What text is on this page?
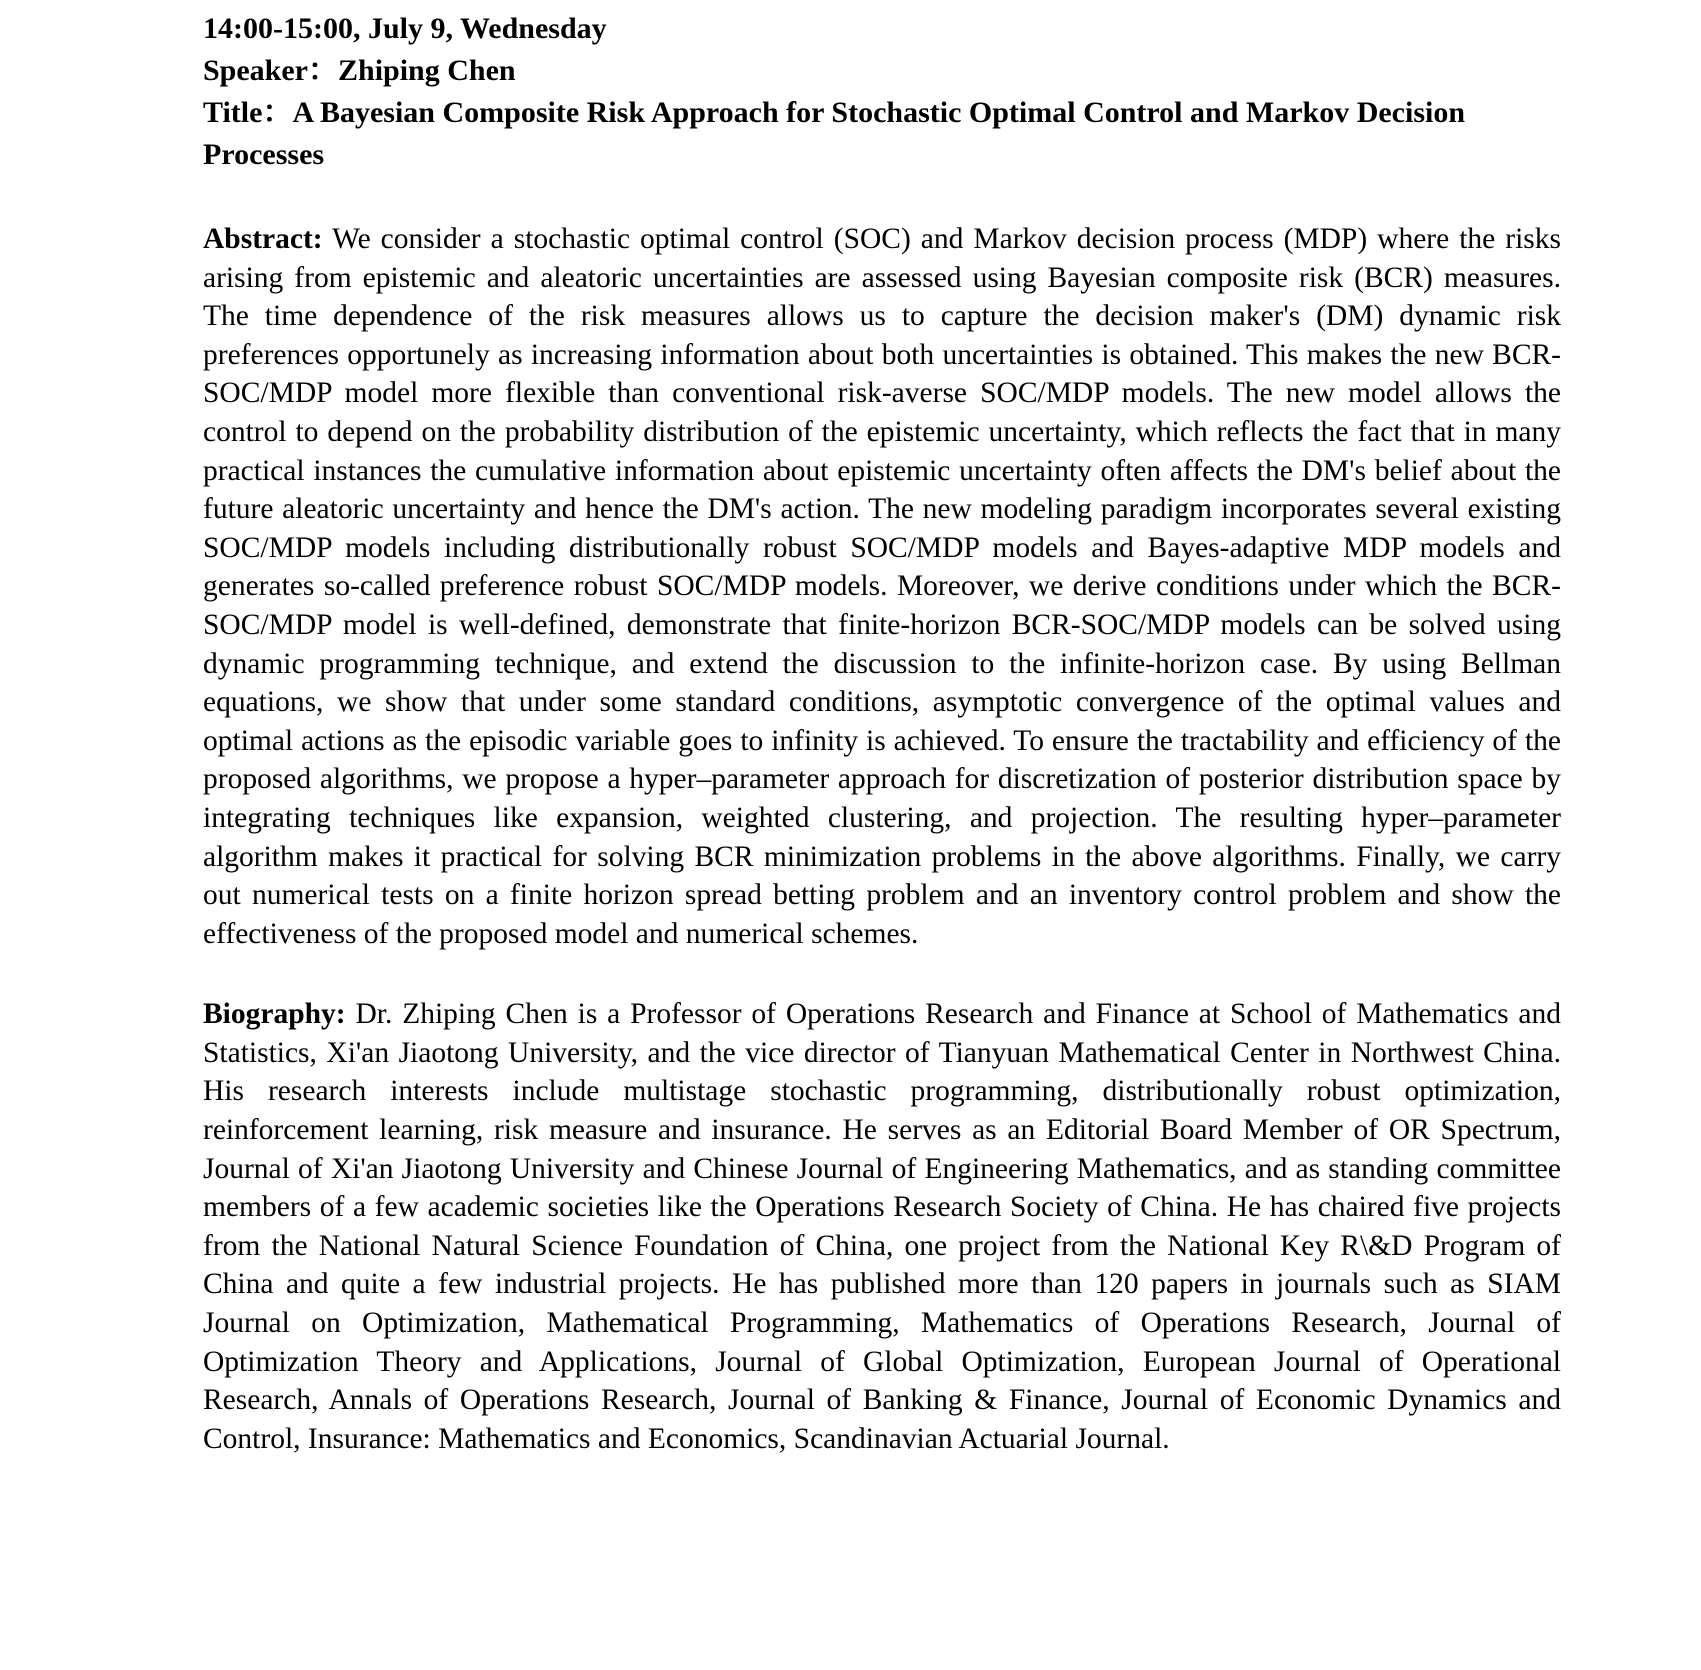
14:00-15:00, July 9, Wednesday

Speaker：Zhiping Chen

Title：A Bayesian Composite Risk Approach for Stochastic Optimal Control and Markov Decision Processes

Abstract: We consider a stochastic optimal control (SOC) and Markov decision process (MDP) where the risks arising from epistemic and aleatoric uncertainties are assessed using Bayesian composite risk (BCR) measures. The time dependence of the risk measures allows us to capture the decision maker's (DM) dynamic risk preferences opportunely as increasing information about both uncertainties is obtained. This makes the new BCR-SOC/MDP model more flexible than conventional risk-averse SOC/MDP models. The new model allows the control to depend on the probability distribution of the epistemic uncertainty, which reflects the fact that in many practical instances the cumulative information about epistemic uncertainty often affects the DM's belief about the future aleatoric uncertainty and hence the DM's action. The new modeling paradigm incorporates several existing SOC/MDP models including distributionally robust SOC/MDP models and Bayes-adaptive MDP models and generates so-called preference robust SOC/MDP models. Moreover, we derive conditions under which the BCR-SOC/MDP model is well-defined, demonstrate that finite-horizon BCR-SOC/MDP models can be solved using dynamic programming technique, and extend the discussion to the infinite-horizon case. By using Bellman equations, we show that under some standard conditions, asymptotic convergence of the optimal values and optimal actions as the episodic variable goes to infinity is achieved. To ensure the tractability and efficiency of the proposed algorithms, we propose a hyper–parameter approach for discretization of posterior distribution space by integrating techniques like expansion, weighted clustering, and projection. The resulting hyper–parameter algorithm makes it practical for solving BCR minimization problems in the above algorithms. Finally, we carry out numerical tests on a finite horizon spread betting problem and an inventory control problem and show the effectiveness of the proposed model and numerical schemes.

Biography: Dr. Zhiping Chen is a Professor of Operations Research and Finance at School of Mathematics and Statistics, Xi'an Jiaotong University, and the vice director of Tianyuan Mathematical Center in Northwest China. His research interests include multistage stochastic programming, distributionally robust optimization, reinforcement learning, risk measure and insurance. He serves as an Editorial Board Member of OR Spectrum, Journal of Xi'an Jiaotong University and Chinese Journal of Engineering Mathematics, and as standing committee members of a few academic societies like the Operations Research Society of China. He has chaired five projects from the National Natural Science Foundation of China, one project from the National Key R\&D Program of China and quite a few industrial projects. He has published more than 120 papers in journals such as SIAM Journal on Optimization, Mathematical Programming, Mathematics of Operations Research, Journal of Optimization Theory and Applications, Journal of Global Optimization, European Journal of Operational Research, Annals of Operations Research, Journal of Banking & Finance, Journal of Economic Dynamics and Control, Insurance: Mathematics and Economics, Scandinavian Actuarial Journal.
